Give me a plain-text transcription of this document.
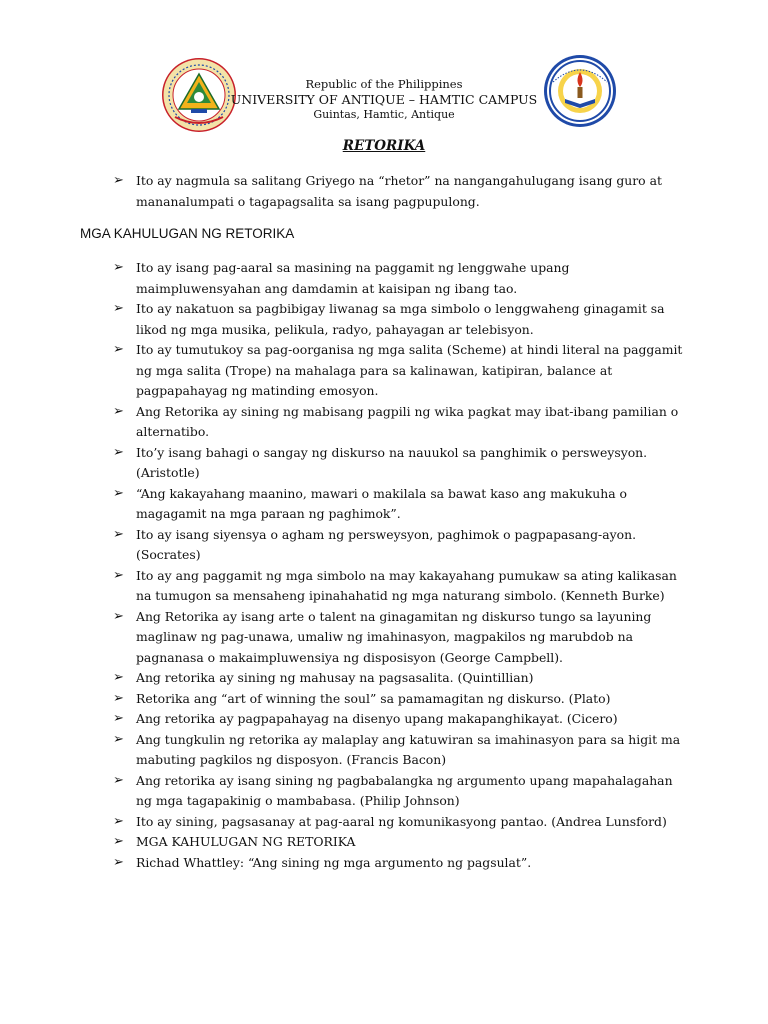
Republic of the Philippines
UNIVERSITY OF ANTIQUE – HAMTIC CAMPUS
Guintas, Hamtic, Antique
RETORIKA
➢ Ito ay nagmula sa salitang Griyego na “rhetor” na nangangahulugang isang guro at mananalumpati o tagapagsalita sa isang pagpupulong.
MGA KAHULUGAN NG RETORIKA
➢ Ito ay isang pag-aaral sa masining na paggamit ng lenggwahe upang maimpluwensyahan ang damdamin at kaisipan ng ibang tao.
➢ Ito ay nakatuon sa pagbibigay liwanag sa mga simbolo o lenggwaheng ginagamit sa likod ng mga musika, pelikula, radyo, pahayagan ar telebisyon.
➢ Ito ay tumutukoy sa pag-oorganisa ng mga salita (Scheme) at hindi literal na paggamit ng mga salita (Trope) na mahalaga para sa kalinawan, katipiran, balance at pagpapahayag ng matinding emosyon.
➢ Ang Retorika ay sining ng mabisang pagpili ng wika pagkat may ibat-ibang pamilian o alternatibo.
➢ Ito’y isang bahagi o sangay ng diskurso na nauukol sa panghimik o persweysyon. (Aristotle)
➢ “Ang kakayahang maanino, mawari o makilala sa bawat kaso ang makukuha o magagamit na mga paraan ng paghimok”.
➢ Ito ay isang siyensya o agham ng persweysyon, paghimok o pagpapasang-ayon. (Socrates)
➢ Ito ay ang paggamit ng mga simbolo na may kakayahang pumukaw sa ating kalikasan na tumugon sa mensaheng ipinahahatid ng mga naturang simbolo. (Kenneth Burke)
➢ Ang Retorika ay isang arte o talent na ginagamitan ng diskurso tungo sa layuning maglinaw ng pag-unawa, umaliw ng imahinasyon, magpakilos ng marubdob na pagnanasa o makaimpluwensiya ng disposisyon (George Campbell).
➢ Ang retorika ay sining ng mahusay na pagsasalita. (Quintillian)
➢ Retorika ang “art of winning the soul” sa pamamagitan ng diskurso. (Plato)
➢ Ang retorika ay pagpapahayag na disenyo upang makapanghikayat. (Cicero)
➢ Ang tungkulin ng retorika ay malaplay ang katuwiran sa imahinasyon para sa higit ma mabuting pagkilos ng disposyon. (Francis Bacon)
➢ Ang retorika ay isang sining ng pagbabalangka ng argumento upang mapahalagahan ng mga tagapakinig o mambabasa. (Philip Johnson)
➢ Ito ay sining, pagsasanay at pag-aaral ng komunikasyong pantao. (Andrea Lunsford)
➢ MGA KAHULUGAN NG RETORIKA
➢ Richad Whattley: “Ang sining ng mga argumento ng pagsulat”.
